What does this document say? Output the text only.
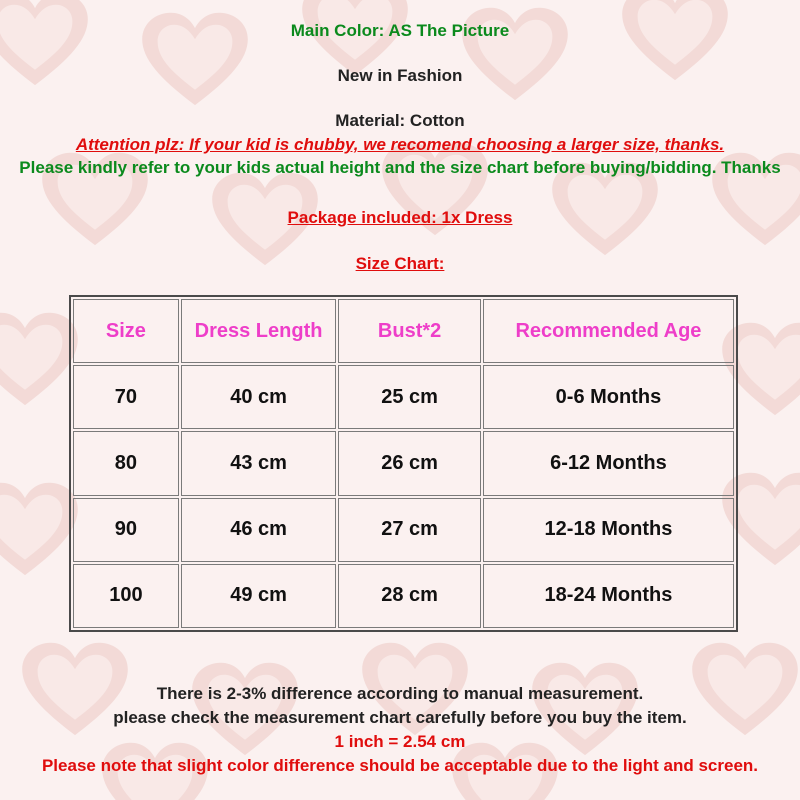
Main Color: AS The Picture
New in Fashion
Material: Cotton
Attention plz: If your kid is chubby, we recomend choosing a larger size, thanks.
Please kindly refer to your kids actual height and the size chart before buying/bidding. Thanks
Package included: 1x Dress
Size Chart:
Size	Dress Length	Bust*2	Recommended Age
70	40 cm	25 cm	0-6 Months
80	43 cm	26 cm	6-12 Months
90	46 cm	27 cm	12-18 Months
100	49 cm	28 cm	18-24 Months
There is 2-3% difference according to manual measurement.
please check the measurement chart carefully before you buy the item.
1 inch = 2.54 cm
Please note that slight color difference should be acceptable due to the light and screen.
